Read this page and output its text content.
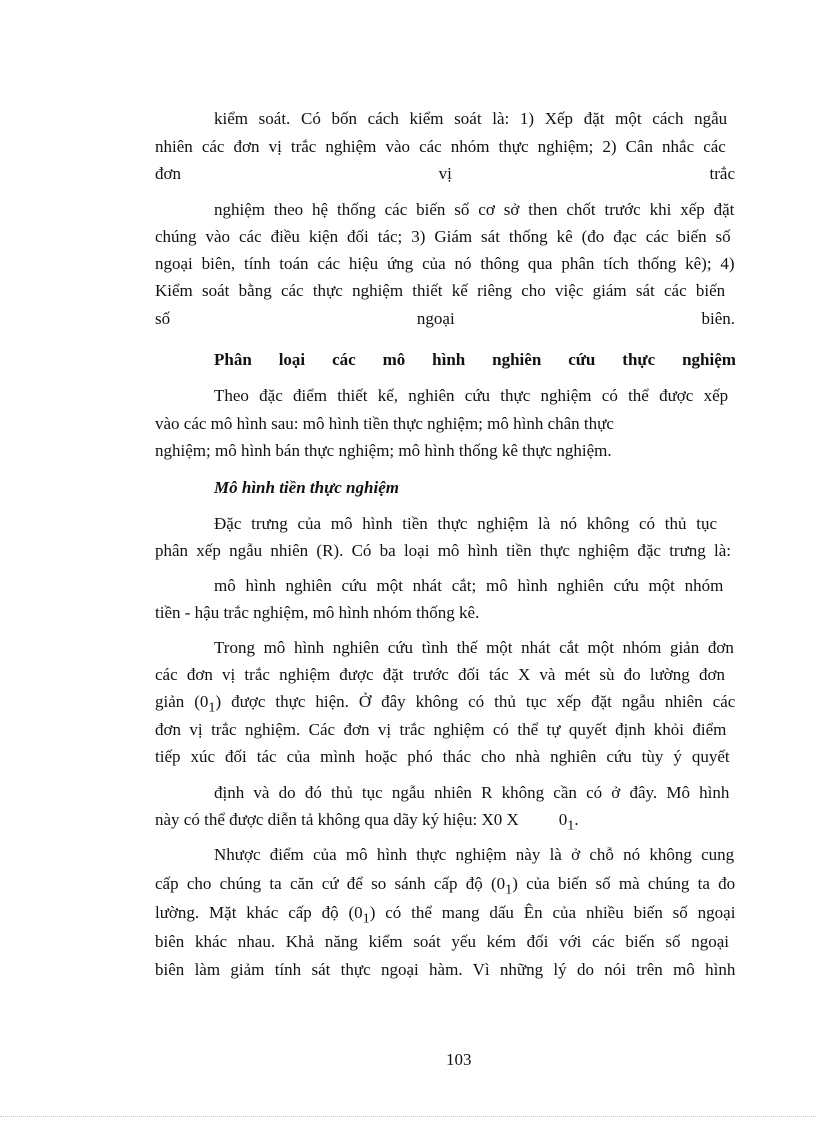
kiểm soát. Có bốn cách kiểm soát là: 1) Xếp đặt một cách ngẫu

nhiên các đơn vị trắc nghiệm vào các nhóm thực nghiệm; 2) Cân nhắc các

đơn	vị	trắc

nghiệm theo hệ thống các biến số cơ sở then chốt trước khi xếp đặt

chúng vào các điều kiện đối tác; 3) Giám sát thống kê (đo đạc các biến số

ngoại biên, tính toán các hiệu ứng của nó thông qua phân tích thống kê); 4)

Kiểm soát bằng các thực nghiệm thiết kế riêng cho việc giám sát các biến

số	ngoại	biên.
Phân loại các mô hình nghiên cứu thực nghiệm

Theo đặc điểm thiết kế, nghiên cứu thực nghiệm có thể được xếp

vào các mô hình sau: mô hình tiền thực nghiệm; mô hình chân thực

nghiệm; mô hình bán thực nghiệm; mô hình thống kê thực nghiệm.

Mô hình tiền thực nghiệm

Đặc trưng của mô hình tiền thực nghiệm là nó không có thủ tục

phân xếp ngẫu nhiên (R). Có ba loại mô hình tiền thực nghiệm đặc trưng là:

mô hình nghiên cứu một nhát cắt; mô hình nghiên cứu một nhóm

tiền - hậu trắc nghiệm, mô hình nhóm thống kê.

Trong mô hình nghiên cứu tình thế một nhát cắt một nhóm giản đơn

các đơn vị trắc nghiệm được đặt trước đối tác X và mét sù đo lường đơn

giản $(0_1)$ được thực hiện. Ở đây không có thủ tục xếp đặt ngẫu nhiên các

đơn vị trắc nghiệm. Các đơn vị trắc nghiệm có thể tự quyết định khỏi điểm

tiếp xúc đối tác của mình hoặc phó thác cho nhà nghiên cứu tùy ý quyết

định và do đó thủ tục ngẫu nhiên R không cần có ở đây. Mô hình

này có thể được diễn tả không qua dãy ký hiệu: X0 X $0_1$.

Nhược điểm của mô hình thực nghiệm này là ở chỗ nó không cung

cấp cho chúng ta căn cứ để so sánh cấp độ $(0_1)$ của biến số mà chúng ta đo

lường. Mặt khác cấp độ $(0_1)$ có thể mang dấu Ên của nhiều biến số ngoại

biên khác nhau. Khả năng kiểm soát yếu kém đối với các biến số ngoại

biên làm giảm tính sát thực ngoại hàm. Vì những lý do nói trên mô hình

103
